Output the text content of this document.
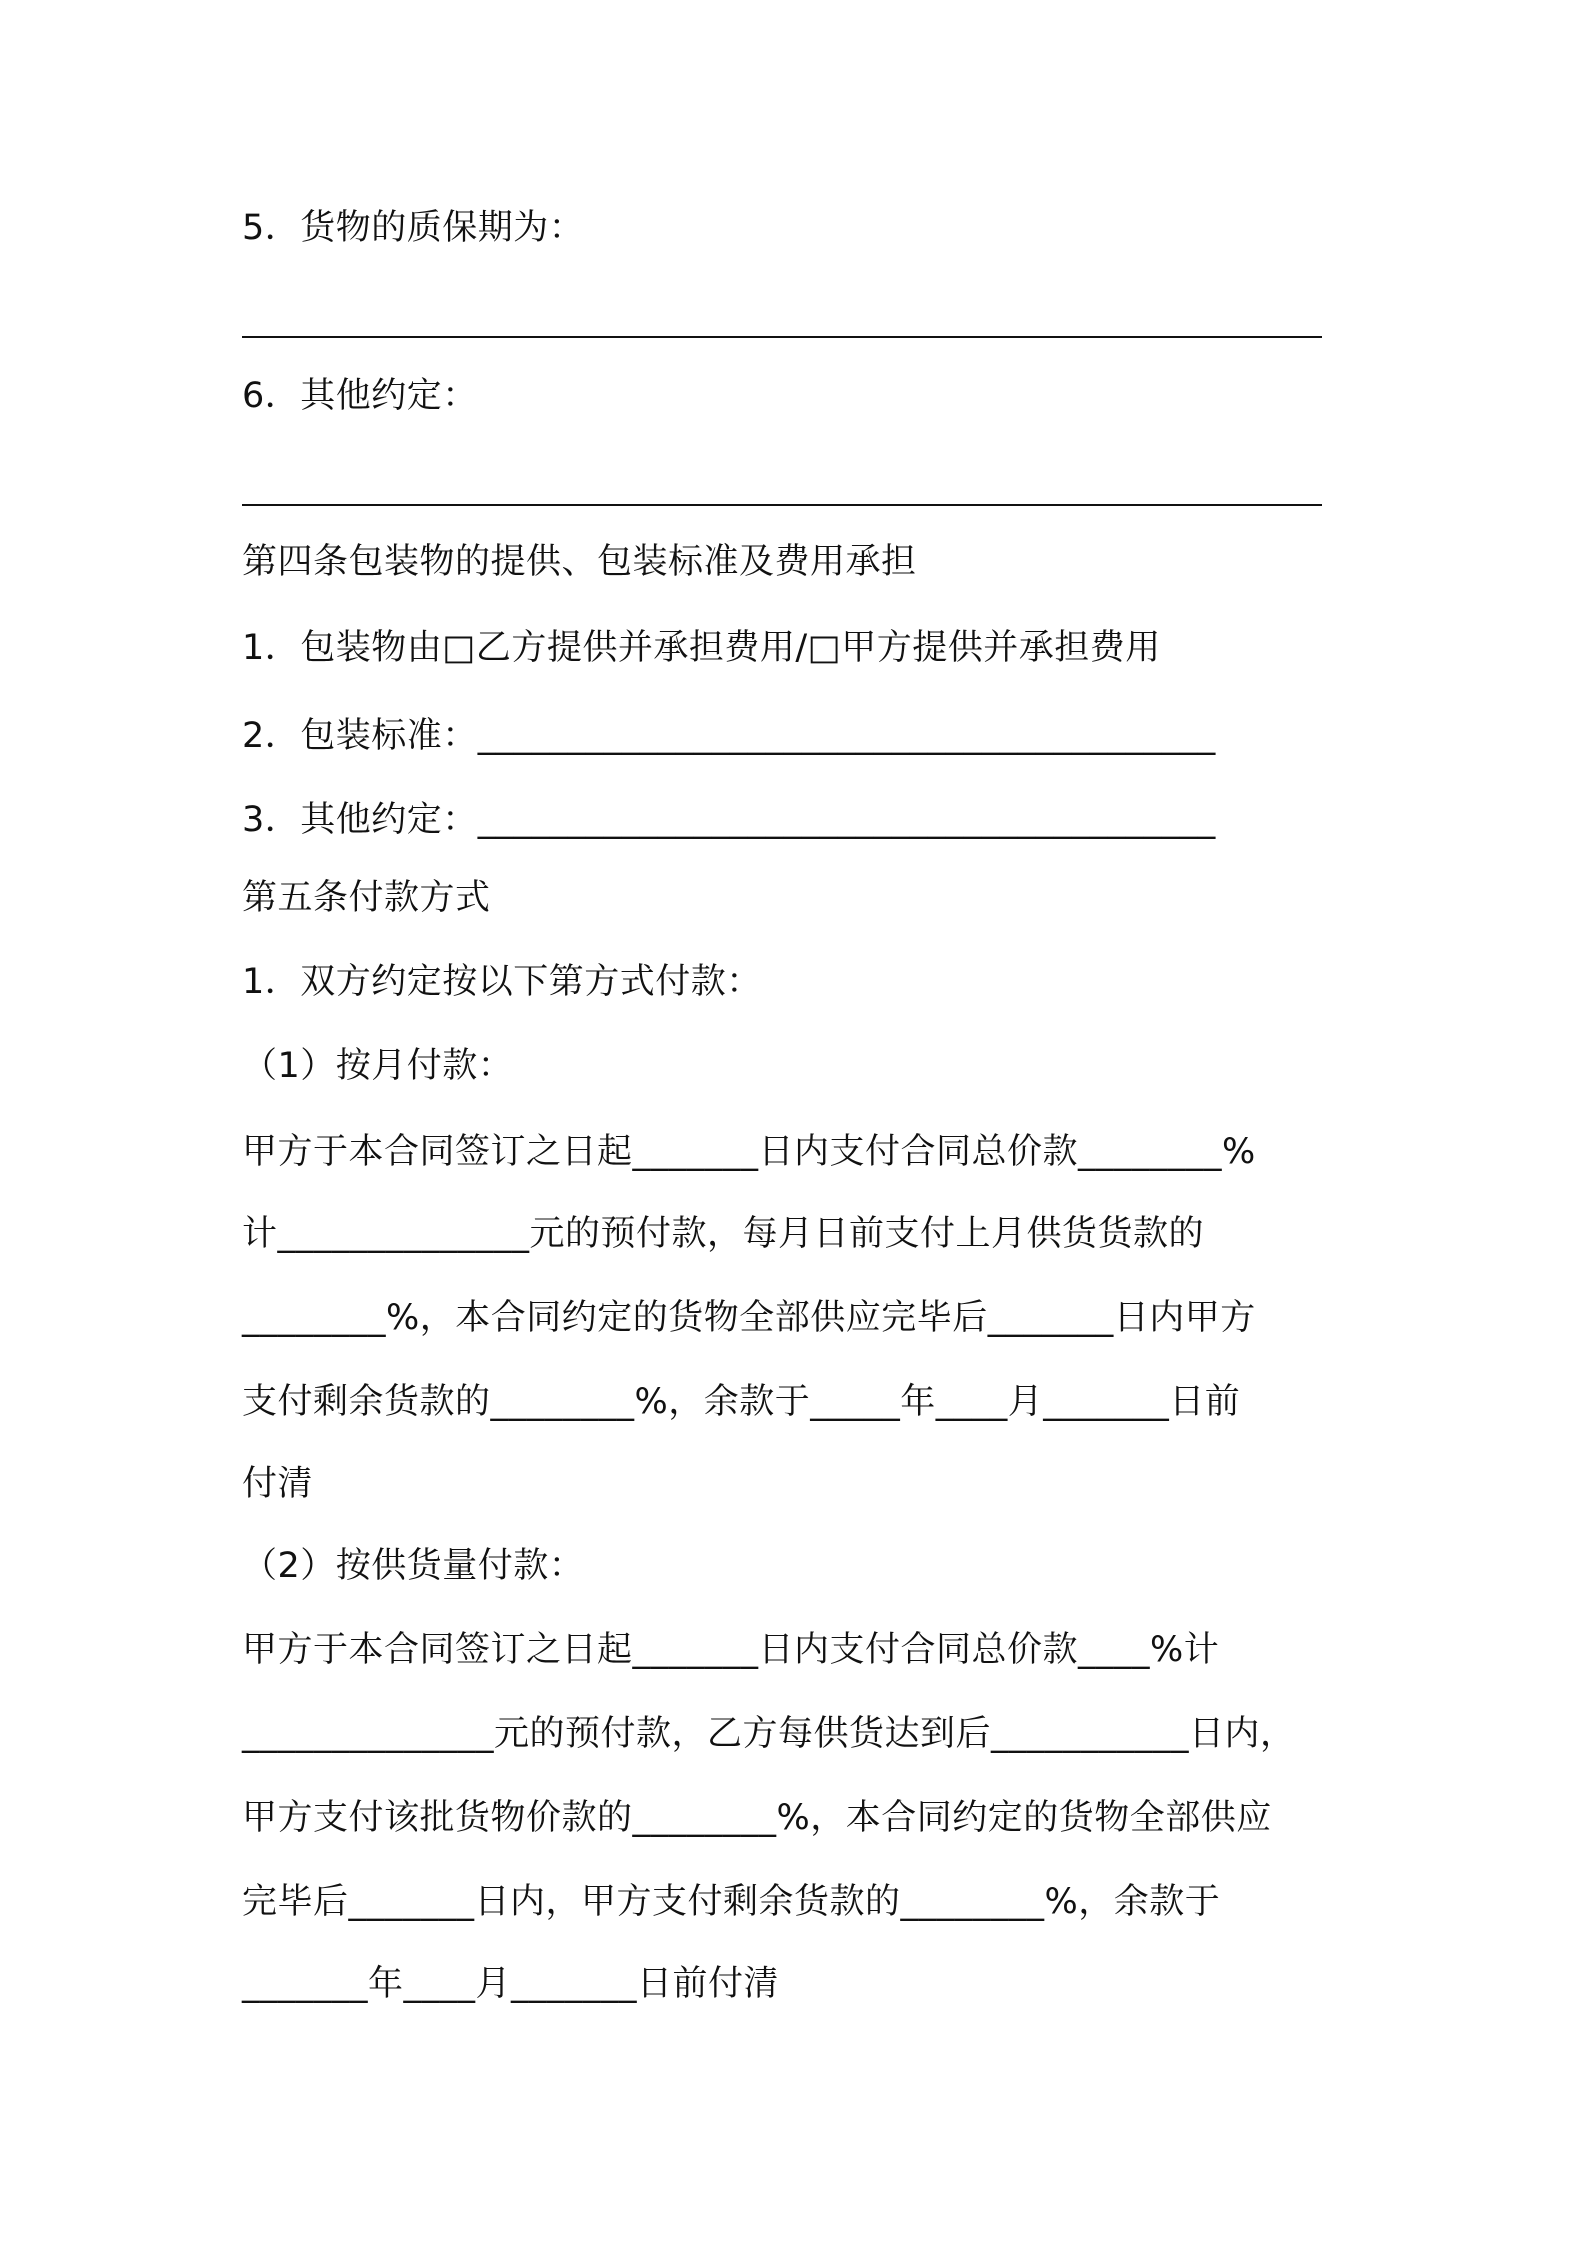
5．货物的质保期为：
6．其他约定：
第四条包装物的提供、包装标准及费用承担
1．包装物由□乙方提供并承担费用/□甲方提供并承担费用
2．包装标准：_________________________________________
3．其他约定：_________________________________________
第五条付款方式
1．双方约定按以下第方式付款：
（1）按月付款：
甲方于本合同签订之日起_______日内支付合同总价款________%
计______________元的预付款，每月日前支付上月供货货款的
________%，本合同约定的货物全部供应完毕后_______日内甲方
支付剩余货款的________%，余款于_____年____月_______日前
付清
（2）按供货量付款：
甲方于本合同签订之日起_______日内支付合同总价款____%计
______________元的预付款，乙方每供货达到后___________日内，
甲方支付该批货物价款的________%，本合同约定的货物全部供应
完毕后_______日内，甲方支付剩余货款的________%，余款于
_______年____月_______日前付清
